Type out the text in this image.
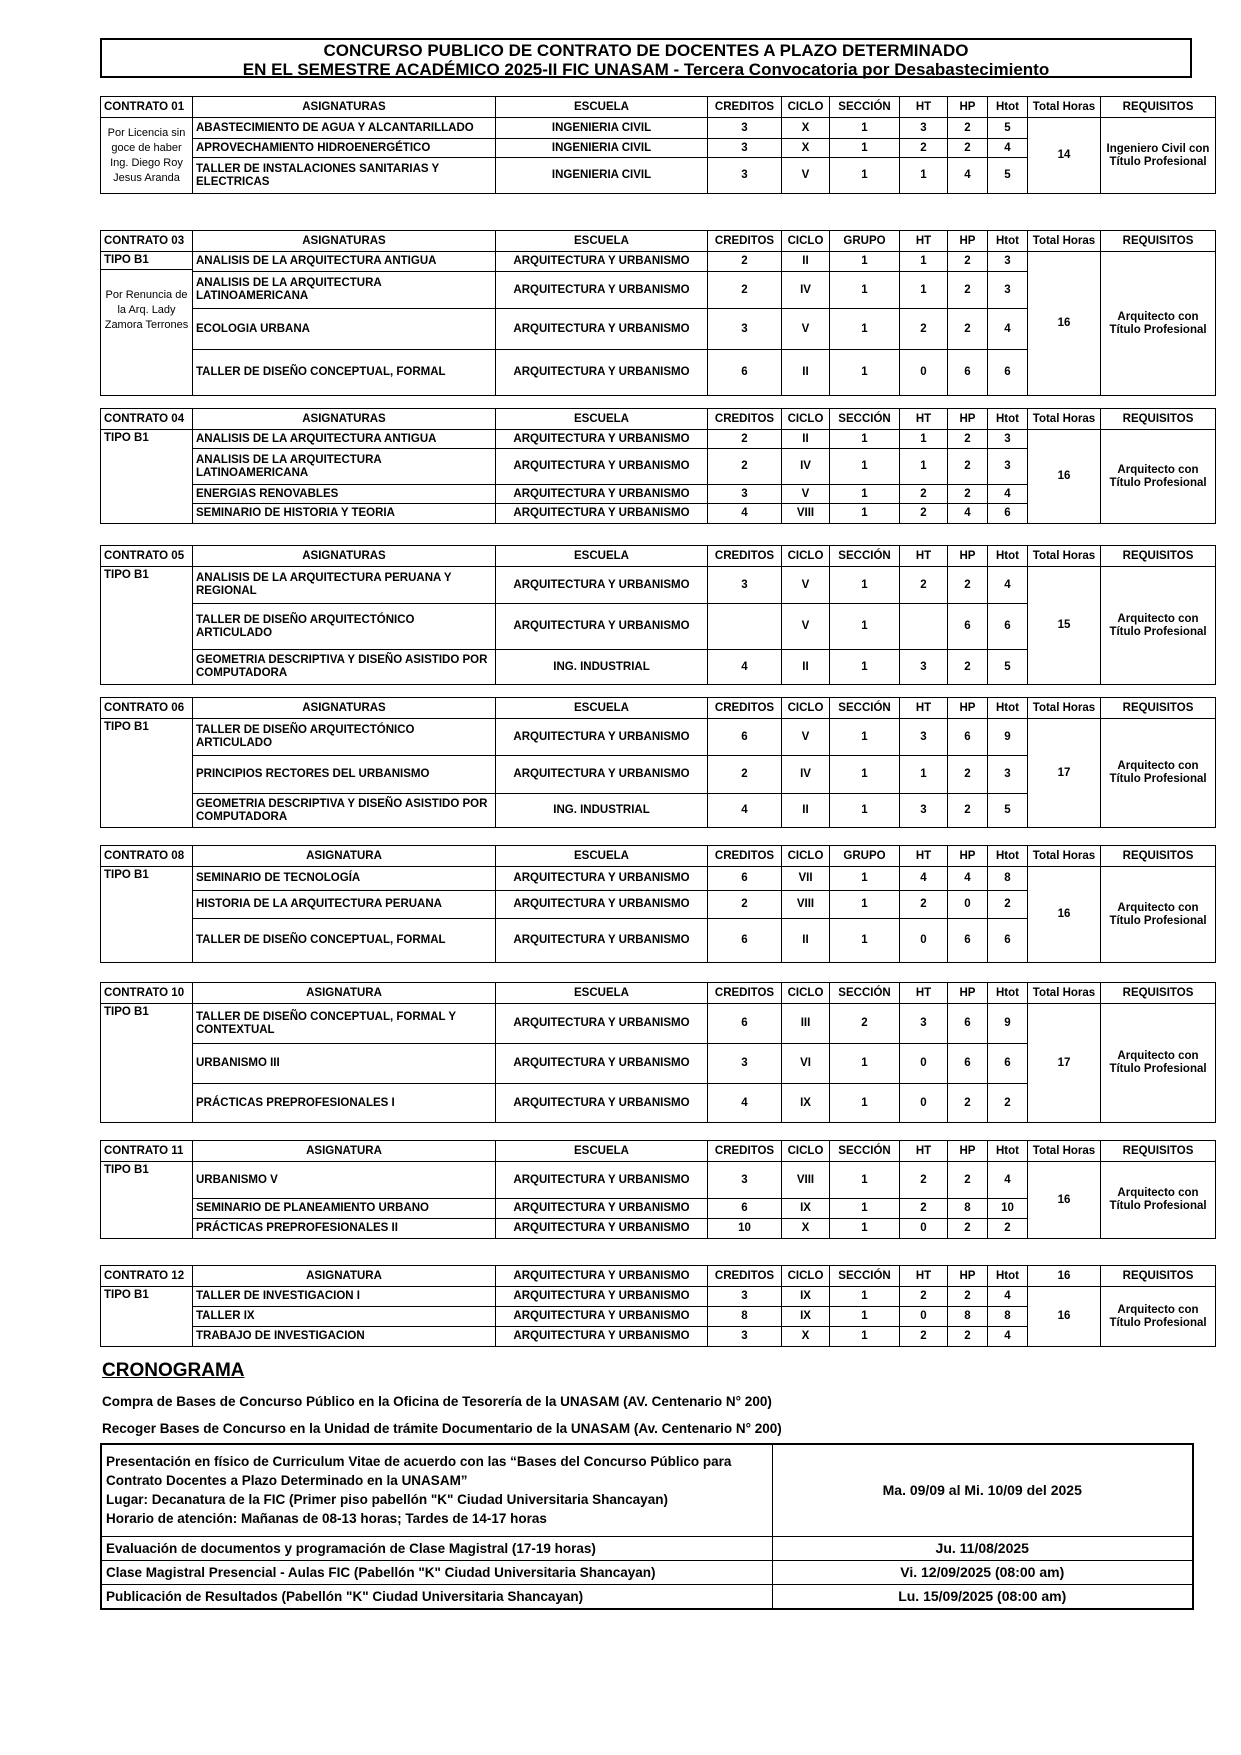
CONCURSO PUBLICO DE CONTRATO DE DOCENTES A PLAZO DETERMINADO
EN EL SEMESTRE ACADÉMICO 2025-II FIC UNASAM - Tercera Convocatoria por Desabastecimiento
CONTRATO 01	ASIGNATURAS	ESCUELA	CREDITOS	CICLO	SECCIÓN	HT	HP	Htot	Total Horas	REQUISITOS

Por Licencia sin goce de haber Ing. Diego Roy Jesus Aranda	ABASTECIMIENTO DE AGUA Y ALCANTARILLADO	INGENIERIA CIVIL	3	X	1	3	2	5	14	Ingeniero Civil con Título Profesional
	APROVECHAMIENTO HIDROENERGÉTICO	INGENIERIA CIVIL	3	X	1	2	2	4		
	TALLER DE INSTALACIONES SANITARIAS Y ELECTRICAS	INGENIERIA CIVIL	3	V	1	1	4	5		
CONTRATO 03	ASIGNATURAS	ESCUELA	CREDITOS	CICLO	GRUPO	HT	HP	Htot	Total Horas	REQUISITOS

TIPO B1
Por Renuncia de la Arq. Lady Zamora Terrones	ANALISIS DE LA ARQUITECTURA ANTIGUA	ARQUITECTURA Y URBANISMO	2	II	1	1	2	3	16	Arquitecto con Título Profesional
	ANALISIS DE LA ARQUITECTURA LATINOAMERICANA	ARQUITECTURA Y URBANISMO	2	IV	1	1	2	3		
	ECOLOGIA URBANA	ARQUITECTURA Y URBANISMO	3	V	1	2	2	4		
	TALLER DE DISEÑO CONCEPTUAL, FORMAL	ARQUITECTURA Y URBANISMO	6	II	1	0	6	6		
CONTRATO 04	ASIGNATURAS	ESCUELA	CREDITOS	CICLO	SECCIÓN	HT	HP	Htot	Total Horas	REQUISITOS

TIPO B1	ANALISIS DE LA ARQUITECTURA ANTIGUA	ARQUITECTURA Y URBANISMO	2	II	1	1	2	3	16	Arquitecto con Título Profesional
	ANALISIS DE LA ARQUITECTURA LATINOAMERICANA	ARQUITECTURA Y URBANISMO	2	IV	1	1	2	3		
	ENERGIAS RENOVABLES	ARQUITECTURA Y URBANISMO	3	V	1	2	2	4		
	SEMINARIO DE HISTORIA Y TEORIA	ARQUITECTURA Y URBANISMO	4	VIII	1	2	4	6		
CONTRATO 05	ASIGNATURAS	ESCUELA	CREDITOS	CICLO	SECCIÓN	HT	HP	Htot	Total Horas	REQUISITOS

TIPO B1	ANALISIS DE LA ARQUITECTURA PERUANA Y REGIONAL	ARQUITECTURA Y URBANISMO	3	V	1	2	2	4	15	Arquitecto con Título Profesional
	TALLER DE DISEÑO ARQUITECTÓNICO ARTICULADO	ARQUITECTURA Y URBANISMO		V	1		6	6		
	GEOMETRIA DESCRIPTIVA Y DISEÑO ASISTIDO POR COMPUTADORA	ING. INDUSTRIAL	4	II	1	3	2	5		
CONTRATO 06	ASIGNATURAS	ESCUELA	CREDITOS	CICLO	SECCIÓN	HT	HP	Htot	Total Horas	REQUISITOS

TIPO B1	TALLER DE DISEÑO ARQUITECTÓNICO ARTICULADO	ARQUITECTURA Y URBANISMO	6	V	1	3	6	9	17	Arquitecto con Título Profesional
	PRINCIPIOS RECTORES DEL URBANISMO	ARQUITECTURA Y URBANISMO	2	IV	1	1	2	3		
	GEOMETRIA DESCRIPTIVA Y DISEÑO ASISTIDO POR COMPUTADORA	ING. INDUSTRIAL	4	II	1	3	2	5		
CONTRATO 08	ASIGNATURA	ESCUELA	CREDITOS	CICLO	GRUPO	HT	HP	Htot	Total Horas	REQUISITOS

TIPO B1	SEMINARIO DE TECNOLOGÍA	ARQUITECTURA Y URBANISMO	6	VII	1	4	4	8	16	Arquitecto con Título Profesional
	HISTORIA DE LA ARQUITECTURA PERUANA	ARQUITECTURA Y URBANISMO	2	VIII	1	2	0	2		
	TALLER DE DISEÑO CONCEPTUAL, FORMAL	ARQUITECTURA Y URBANISMO	6	II	1	0	6	6		
CONTRATO 10	ASIGNATURA	ESCUELA	CREDITOS	CICLO	SECCIÓN	HT	HP	Htot	Total Horas	REQUISITOS

TIPO B1	TALLER DE DISEÑO CONCEPTUAL, FORMAL Y CONTEXTUAL	ARQUITECTURA Y URBANISMO	6	III	2	3	6	9	17	Arquitecto con Título Profesional
	URBANISMO III	ARQUITECTURA Y URBANISMO	3	VI	1	0	6	6		
	PRÁCTICAS PREPROFESIONALES I	ARQUITECTURA Y URBANISMO	4	IX	1	0	2	2		
CONTRATO 11	ASIGNATURA	ESCUELA	CREDITOS	CICLO	SECCIÓN	HT	HP	Htot	Total Horas	REQUISITOS

TIPO B1	URBANISMO V	ARQUITECTURA Y URBANISMO	3	VIII	1	2	2	4	16	Arquitecto con Título Profesional
	SEMINARIO DE PLANEAMIENTO URBANO	ARQUITECTURA Y URBANISMO	6	IX	1	2	8	10		
	PRÁCTICAS PREPROFESIONALES II	ARQUITECTURA Y URBANISMO	10	X	1	0	2	2		
CONTRATO 12	ASIGNATURA	ARQUITECTURA Y URBANISMO	CREDITOS	CICLO	SECCIÓN	HT	HP	Htot	16	REQUISITOS

TIPO B1	TALLER DE INVESTIGACION I	ARQUITECTURA Y URBANISMO	3	IX	1	2	2	4	16	Arquitecto con Título Profesional
	TALLER IX	ARQUITECTURA Y URBANISMO	8	IX	1	0	8	8		
	TRABAJO DE INVESTIGACION	ARQUITECTURA Y URBANISMO	3	X	1	2	2	4		
CRONOGRAMA
Compra de Bases de Concurso Público en la Oficina de Tesorería de la UNASAM (AV. Centenario N° 200)
Recoger Bases de Concurso en la Unidad de trámite Documentario de la UNASAM (Av. Centenario N° 200)
Presentación en físico de Curriculum Vitae de acuerdo con las “Bases del Concurso Público para
Contrato Docentes a Plazo Determinado en la UNASAM”
Lugar: Decanatura de la FIC (Primer piso pabellón "K" Ciudad Universitaria Shancayan)
Horario de atención: Mañanas de 08-13 horas; Tardes de 14-17 horas	Ma. 09/09 al Mi. 10/09 del 2025

Evaluación de documentos y programación de Clase Magistral (17-19 horas)	Ju. 11/08/2025

Clase Magistral Presencial - Aulas FIC (Pabellón "K" Ciudad Universitaria Shancayan)	Vi. 12/09/2025 (08:00 am)

Publicación de Resultados (Pabellón "K" Ciudad Universitaria Shancayan)	Lu. 15/09/2025 (08:00 am)
